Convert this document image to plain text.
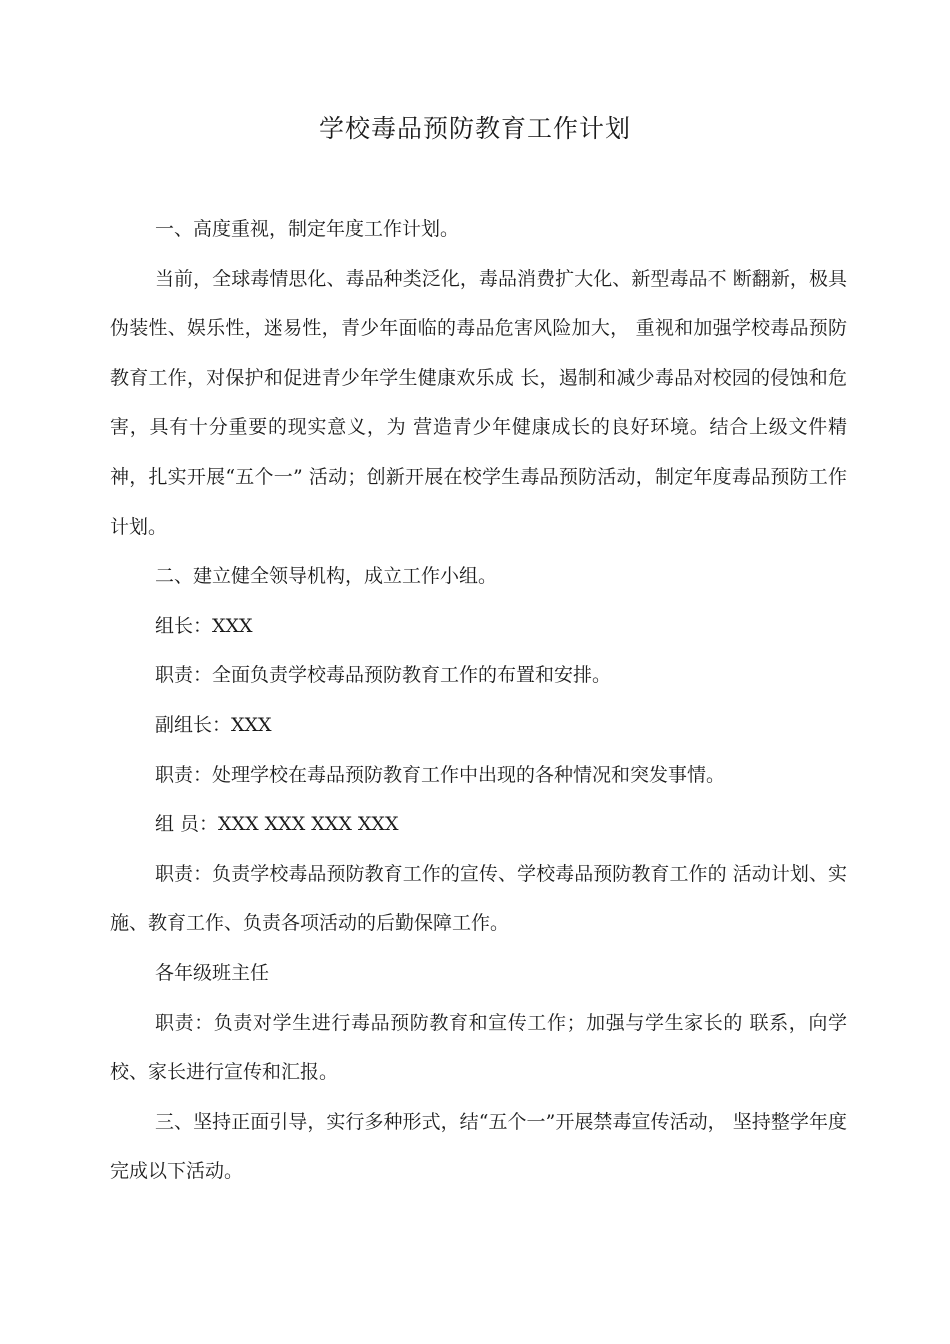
学校毒品预防教育工作计划

一、高度重视，制定年度工作计划。

当前，全球毒情思化、毒品种类泛化，毒品消费扩大化、新型毒品不 断翻新，极具伪装性、娱乐性，迷易性，青少年面临的毒品危害风险加大， 重视和加强学校毒品预防教育工作，对保护和促进青少年学生健康欢乐成 长，遏制和减少毒品对校园的侵蚀和危害，具有十分重要的现实意义，为 营造青少年健康成长的良好环境。结合上级文件精神，扎实开展“五个一” 活动；创新开展在校学生毒品预防活动，制定年度毒品预防工作计划。

二、建立健全领导机构，成立工作小组。

组长：XXX

职责：全面负责学校毒品预防教育工作的布置和安排。

副组长：XXX

职责：处理学校在毒品预防教育工作中出现的各种情况和突发事情。

组 员：XXX XXX XXX XXX

职责：负责学校毒品预防教育工作的宣传、学校毒品预防教育工作的 活动计划、实施、教育工作、负责各项活动的后勤保障工作。

各年级班主任

职责：负责对学生进行毒品预防教育和宣传工作；加强与学生家长的 联系，向学校、家长进行宣传和汇报。

三、坚持正面引导，实行多种形式，结“五个一”开展禁毒宣传活动， 坚持整学年度完成以下活动。
